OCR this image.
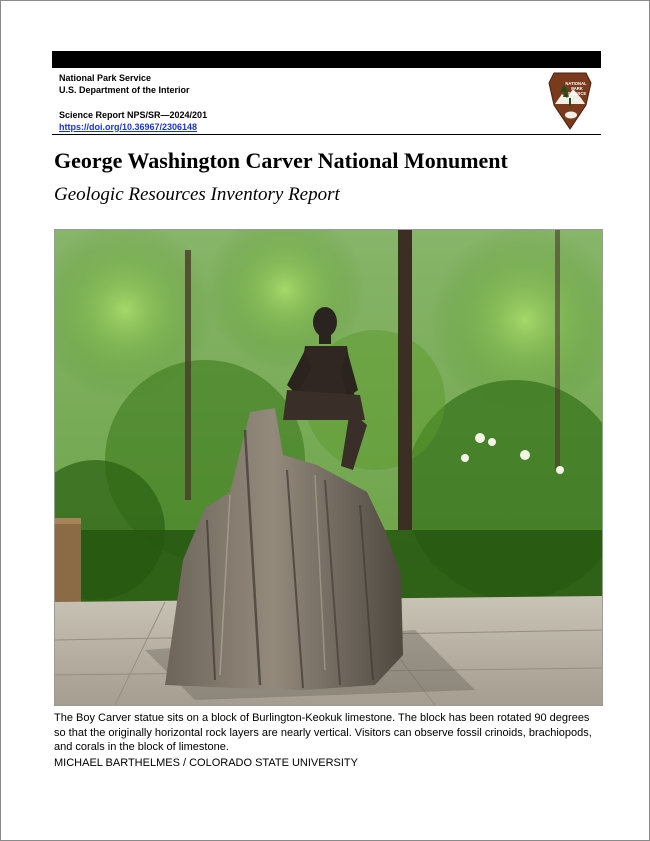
National Park Service
U.S. Department of the Interior
Science Report NPS/SR—2024/201
https://doi.org/10.36967/2306148
NATIONAL
PARK
SERVICE
George Washington Carver National Monument
Geologic Resources Inventory Report
The Boy Carver statue sits on a block of Burlington-Keokuk limestone. The block has been rotated 90 degrees so that the originally horizontal rock layers are nearly vertical. Visitors can observe fossil crinoids, brachiopods, and corals in the block of limestone.
MICHAEL BARTHELMES / COLORADO STATE UNIVERSITY
